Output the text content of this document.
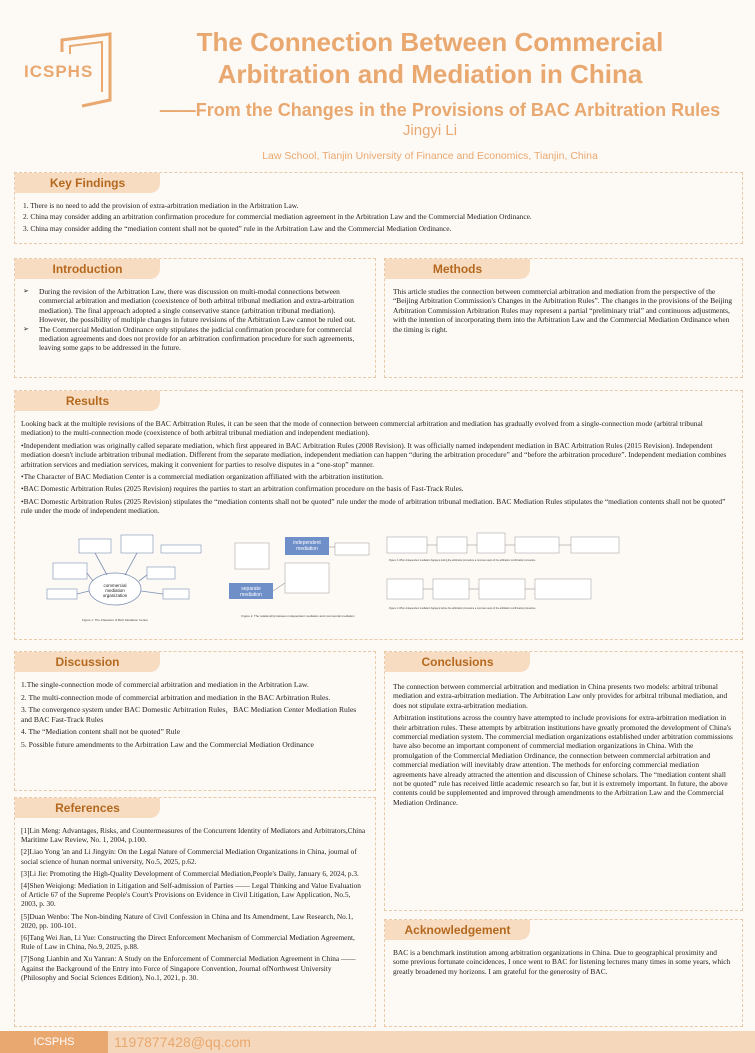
ICSPHS
The Connection Between Commercial
Arbitration and Mediation in China
——From the Changes in the Provisions of BAC Arbitration Rules
Jingyi Li
Law School, Tianjin University of Finance and Economics, Tianjin, China
Key Findings
1. There is no need to add the provision of extra-arbitration mediation in the Arbitration Law.
2. China may consider adding an arbitration confirmation procedure for commercial mediation agreement in the Arbitration Law and the Commercial Mediation Ordinance.
3. China may consider adding the “mediation content shall not be quoted” rule in the Arbitration Law and the Commercial Mediation Ordinance.
Introduction
➢ During the revision of the Arbitration Law, there was discussion on multi-modal connections between commercial arbitration and mediation (coexistence of both arbitral tribunal mediation and extra-arbitration mediation). The final approach adopted a single conservative stance (arbitration tribunal mediation). However, the possibility of multiple changes in future revisions of the Arbitration Law cannot be ruled out.
➢ The Commercial Mediation Ordinance only stipulates the judicial confirmation procedure for commercial mediation agreements and does not provide for an arbitration confirmation procedure for such agreements, leaving some gaps to be addressed in the future.
Methods
This article studies the connection between commercial arbitration and mediation from the perspective of the “Beijing Arbitration Commission's Changes in the Arbitration Rules”. The changes in the provisions of the Beijing Arbitration Commission Arbitration Rules may represent a partial “preliminary trial” and continuous adjustments, with the intention of incorporating them into the Arbitration Law and the Commercial Mediation Ordinance when the timing is right.
Results

Looking back at the multiple revisions of the BAC Arbitration Rules, it can be seen that the mode of connection between commercial arbitration and mediation has gradually evolved from a single-connection mode (arbitral tribunal mediation) to the multi-connection mode (coexistence of both arbitral tribunal mediation and independent mediation).

•Independent mediation was originally called separate mediation, which first appeared in BAC Arbitration Rules (2008 Revision). It was officially named independent mediation in BAC Arbitration Rules (2015 Revision). Independent mediation doesn't include arbitration tribunal mediation. Different from the separate mediation, independent mediation can happen “during the arbitration procedure” and “before the arbitration procedure”. Independent mediation combines arbitration services and mediation services, making it convenient for parties to resolve disputes in a “one-stop” manner.

•The Character of BAC Mediation Center is a commercial mediation organization affiliated with the arbitration institution.

•BAC Domestic Arbitration Rules (2025 Revision) requires the parties to start an arbitration confirmation procedure on the basis of Fast-Track Rules.

•BAC Domestic Arbitration Rules (2025 Revision) stipulates the “mediation contents shall not be quoted” rule under the mode of arbitration tribunal mediation. BAC Mediation Rules stipulates the “mediation contents shall not be quoted” rule under the mode of independent mediation.

commercial mediation organization
Figure 1. The Character of BAC Mediation Center
independent mediation
separate mediation
Figure 2. The relationship between independent mediation and commercial mediation
Figure 3. When independent mediation happens during the arbitration procedure a concrete steps of the arbitration confirmation procedure
Figure 4. When independent mediation happens before the arbitration procedure a concrete steps of the arbitration confirmation procedure
Discussion

1.The single-connection mode of commercial arbitration and mediation in the Arbitration Law.

2. The multi-connection mode of commercial arbitration and mediation in the BAC Arbitration Rules.

3. The convergence system under BAC Domestic Arbitration Rules，BAC Mediation Center Mediation Rules and BAC Fast-Track Rules

4. The “Mediation content shall not be quoted” Rule

5. Possible future amendments to the Arbitration Law and the Commercial Mediation Ordinance

References

[1]Lin Meng: Advantages, Risks, and Countermeasures of the Concurrent Identity of Mediators and Arbitrators,China Maritime Law Review, No. 1, 2004, p.100.

[2]Liao Yong 'an and Li Jingyin: On the Legal Nature of Commercial Mediation Organizations in China, journal of social science of hunan normal university, No.5, 2025, p.62.

[3]Li Jie: Promoting the High-Quality Development of Commercial Mediation,People's Daily, January 6, 2024, p.3.

[4]Shen Weiqiong: Mediation in Litigation and Self-admission of Parties —— Legal Thinking and Value Evaluation of Article 67 of the Supreme People's Court's Provisions on Evidence in Civil Litigation, Law Application, No.5, 2003, p. 30.

[5]Duan Wenbo: The Non-binding Nature of Civil Confession in China and Its Amendment, Law Research, No.1, 2020, pp. 100-101.

[6]Tang Wei Jian, Li Yue: Constructing the Direct Enforcement Mechanism of Commercial Mediation Agreement, Rule of Law in China, No.9, 2025, p.88.

[7]Song Lianbin and Xu Yanran: A Study on the Enforcement of Commercial Mediation Agreement in China —— Against the Background of the Entry into Force of Singapore Convention, Journal ofNorthwest University (Philosophy and Social Sciences Edition), No.1, 2021, p. 30.

Conclusions

The connection between commercial arbitration and mediation in China presents two models: arbitral tribunal mediation and extra-arbitration mediation. The Arbitration Law only provides for arbitral tribunal mediation, and does not stipulate extra-arbitration mediation.

Arbitration institutions across the country have attempted to include provisions for extra-arbitration mediation in their arbitration rules. These attempts by arbitration institutions have greatly promoted the development of China's commercial mediation system. The commercial mediation organizations established under arbitration commissions have also become an important component of commercial mediation organizations in China. With the promulgation of the Commercial Mediation Ordinance, the connection between commercial arbitration and commercial mediation will inevitably draw attention. The methods for enforcing commercial mediation agreements have already attracted the attention and discussion of Chinese scholars. The “mediation content shall not be quoted” rule has received little academic research so far, but it is extremely important. In future, the above contents could be supplemented and improved through amendments to the Arbitration Law and the Commercial Mediation Ordinance.

Acknowledgement
BAC is a benchmark institution among arbitration organizations in China. Due to geographical proximity and some previous fortunate coincidences, I once went to BAC for listening lectures many times in some years, which greatly broadened my horizons. I am grateful for the generosity of BAC.
ICSPHS	1197877428@qq.com
